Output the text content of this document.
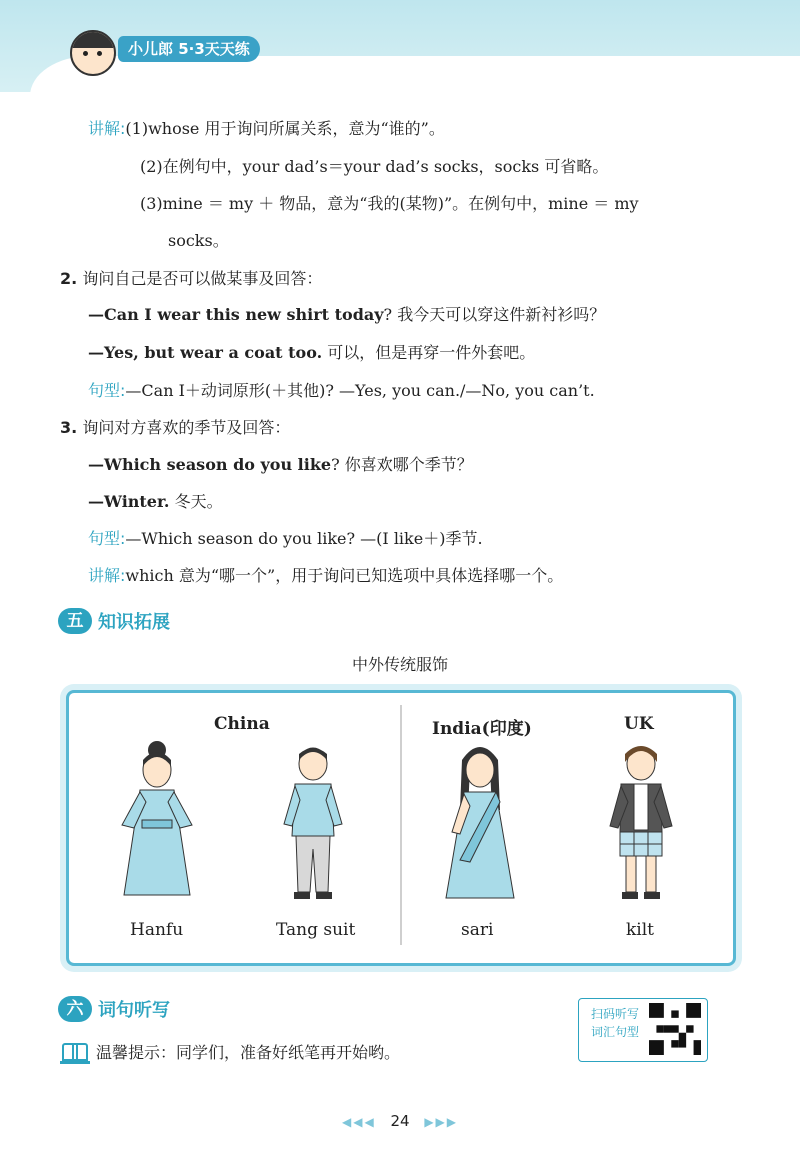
小儿郎 5·3天天练
讲解:(1)whose 用于询问所属关系，意为“谁的”。
(2)在例句中，your dad’s＝your dad’s socks，socks 可省略。
(3)mine ＝ my ＋ 物品，意为“我的(某物)”。在例句中，mine ＝ my
socks。
2. 询问自己是否可以做某事及回答：
—Can I wear this new shirt today? 我今天可以穿这件新衬衫吗？
—Yes, but wear a coat too. 可以，但是再穿一件外套吧。
句型:—Can I＋动词原形(＋其他)? —Yes, you can./—No, you can’t.
3. 询问对方喜欢的季节及回答：
—Which season do you like? 你喜欢哪个季节？
—Winter. 冬天。
句型:—Which season do you like? —(I like＋)季节.
讲解:which 意为“哪一个”，用于询问已知选项中具体选择哪一个。
五 知识拓展
中外传统服饰
China	India(印度)	UK
Hanfu	Tang suit	sari	kilt
六 词句听写	扫码听写 词汇句型
温馨提示：同学们，准备好纸笔再开始哟。
◀◀◀ 24 ▶▶▶
